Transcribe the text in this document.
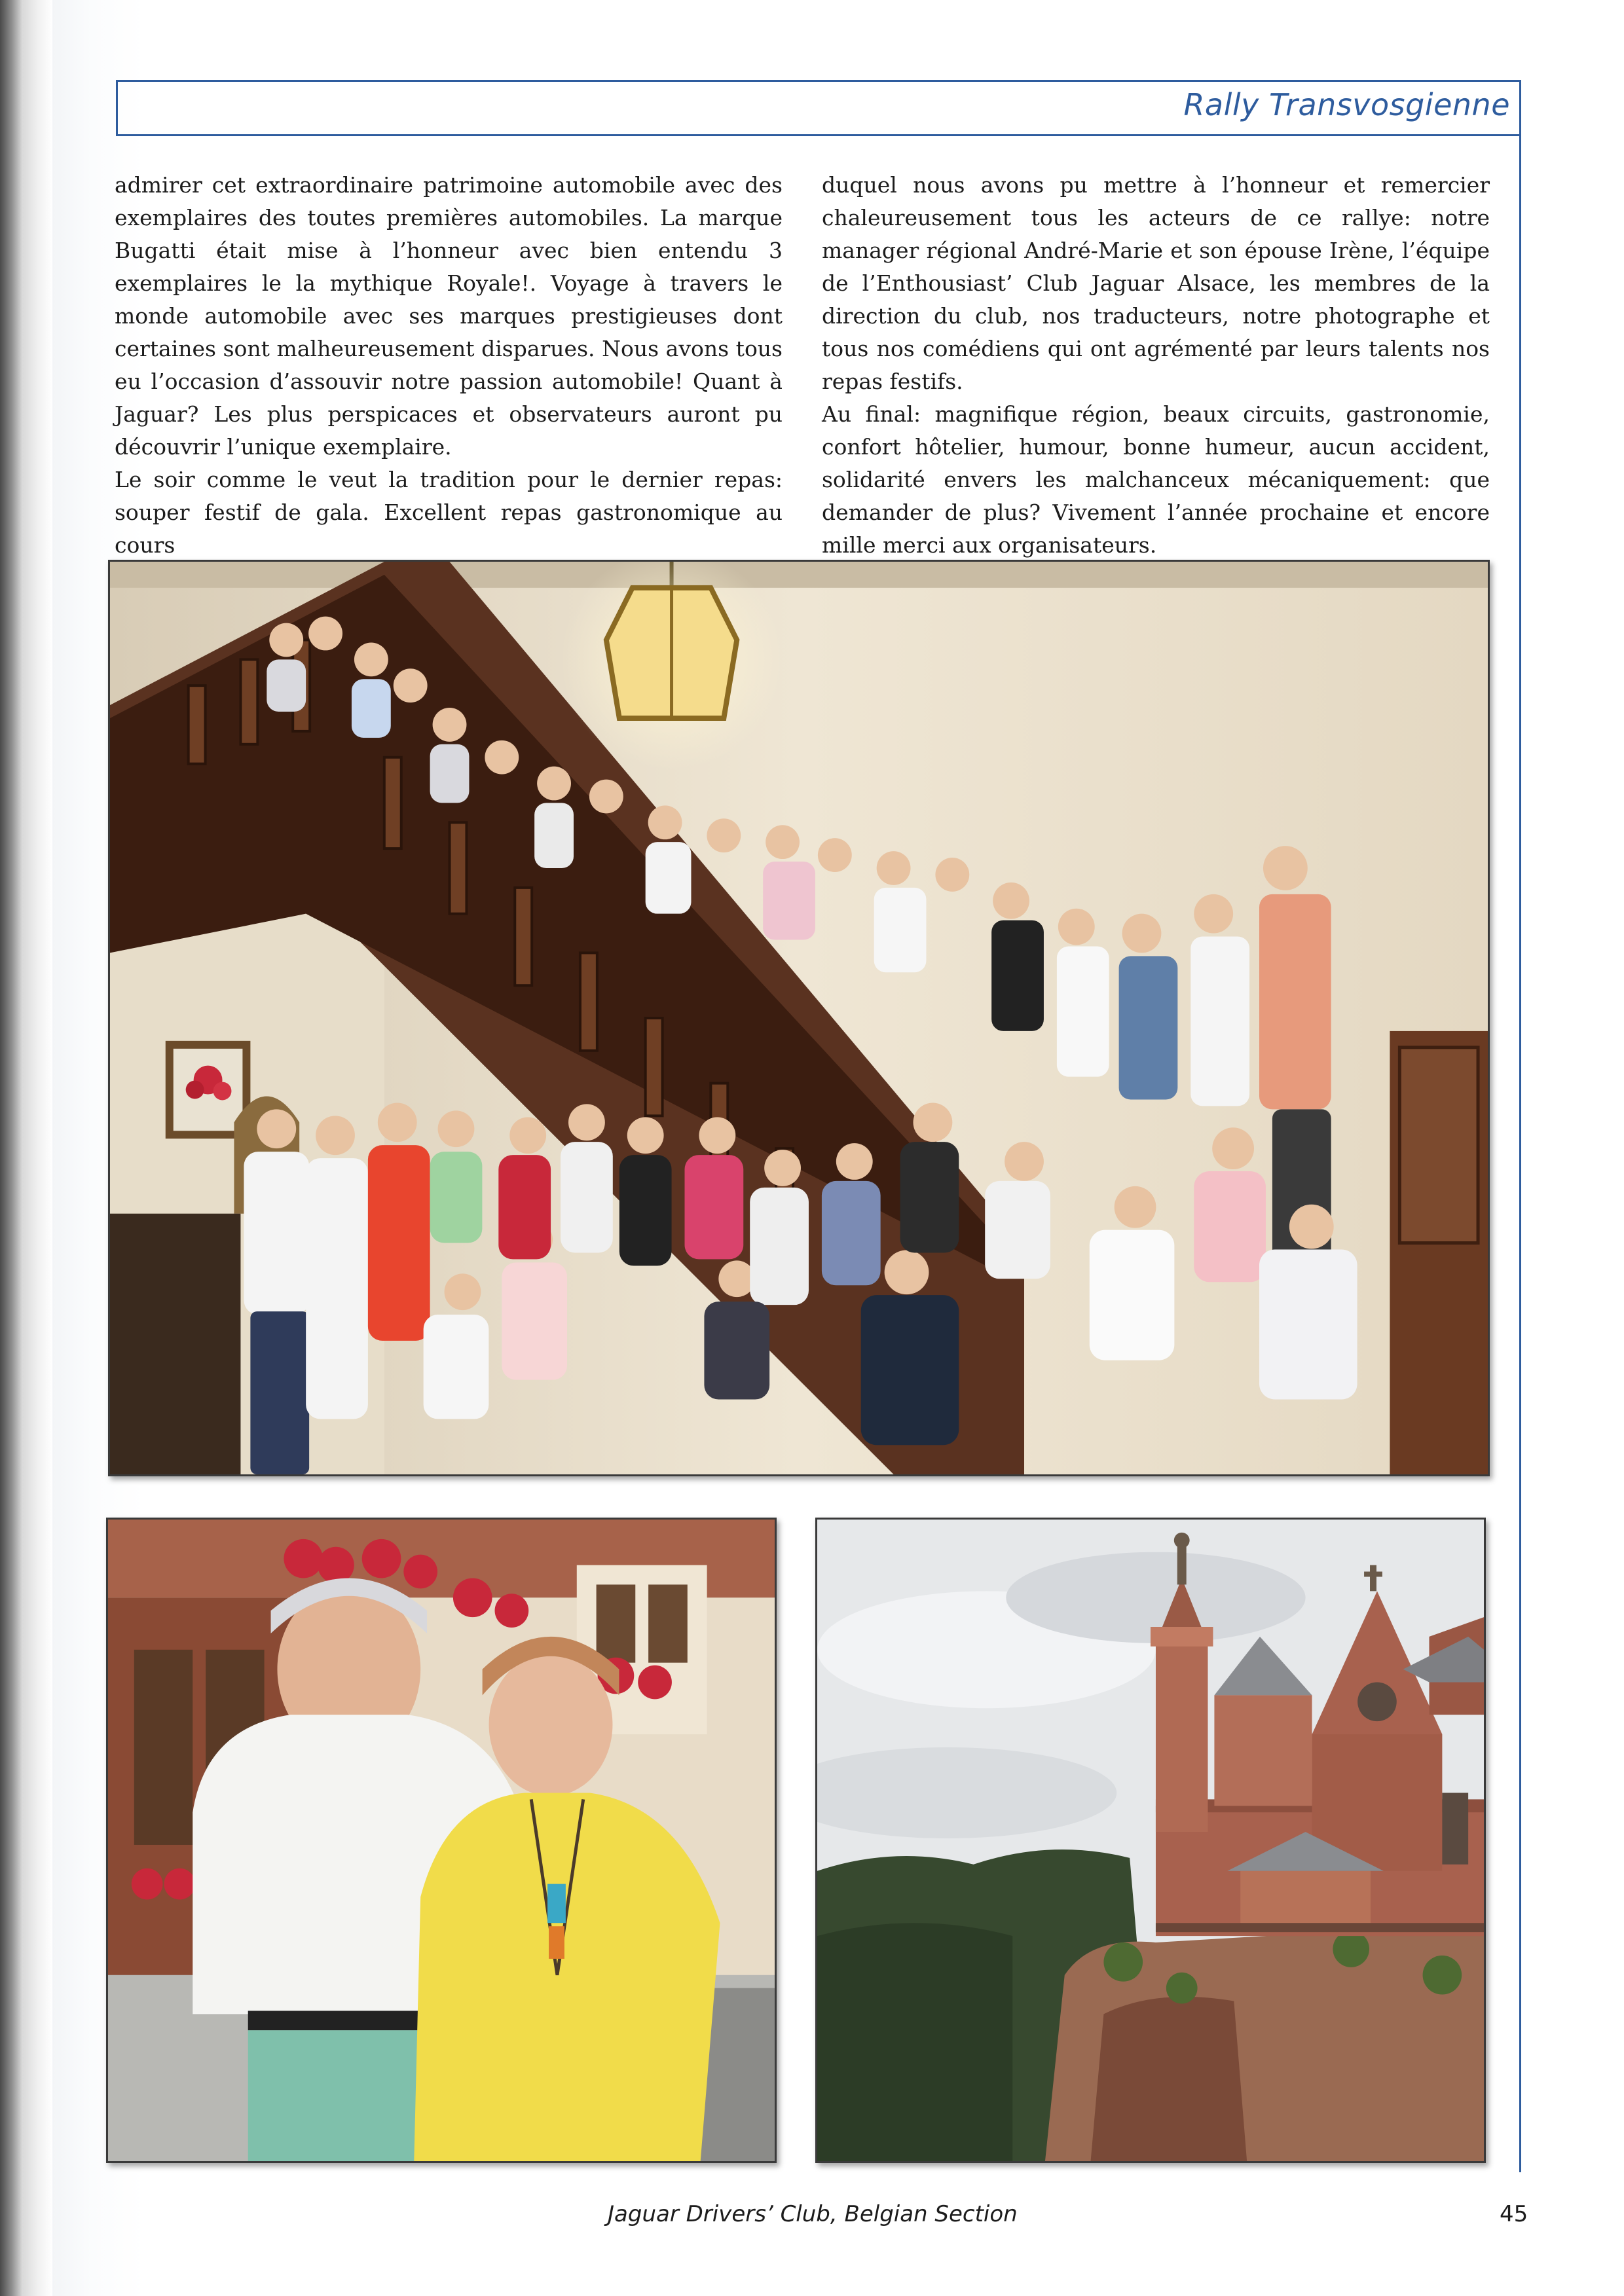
Rally Transvosgienne

admirer cet extraordinaire patrimoine automobile avec des exemplaires des toutes premières automobiles. La marque Bugatti était mise à l’honneur avec bien entendu 3 exemplaires le la mythique Royale!. Voyage à travers le monde automobile avec ses marques prestigieuses dont certaines sont malheureusement disparues. Nous avons tous eu l’occasion d’assouvir notre passion automobile! Quant à Jaguar? Les plus perspicaces et observateurs auront pu découvrir l’unique exemplaire.

Le soir comme le veut la tradition pour le dernier repas: souper festif de gala. Excellent repas gastronomique au cours

duquel nous avons pu mettre à l’honneur et remercier chaleureusement tous les acteurs de ce rallye: notre manager régional André-Marie et son épouse Irène, l’équipe de l’Enthousiast’ Club Jaguar Alsace, les membres de la direction du club, nos traducteurs, notre photographe et tous nos comédiens qui ont agrémenté par leurs talents nos repas festifs.

Au final: magnifique région, beaux circuits, gastronomie, confort hôtelier, humour, bonne humeur, aucun accident, solidarité envers les malchanceux mécaniquement: que demander de plus? Vivement l’année prochaine et encore mille merci aux organisateurs.

Jaguar Drivers’ Club, Belgian Section	45
